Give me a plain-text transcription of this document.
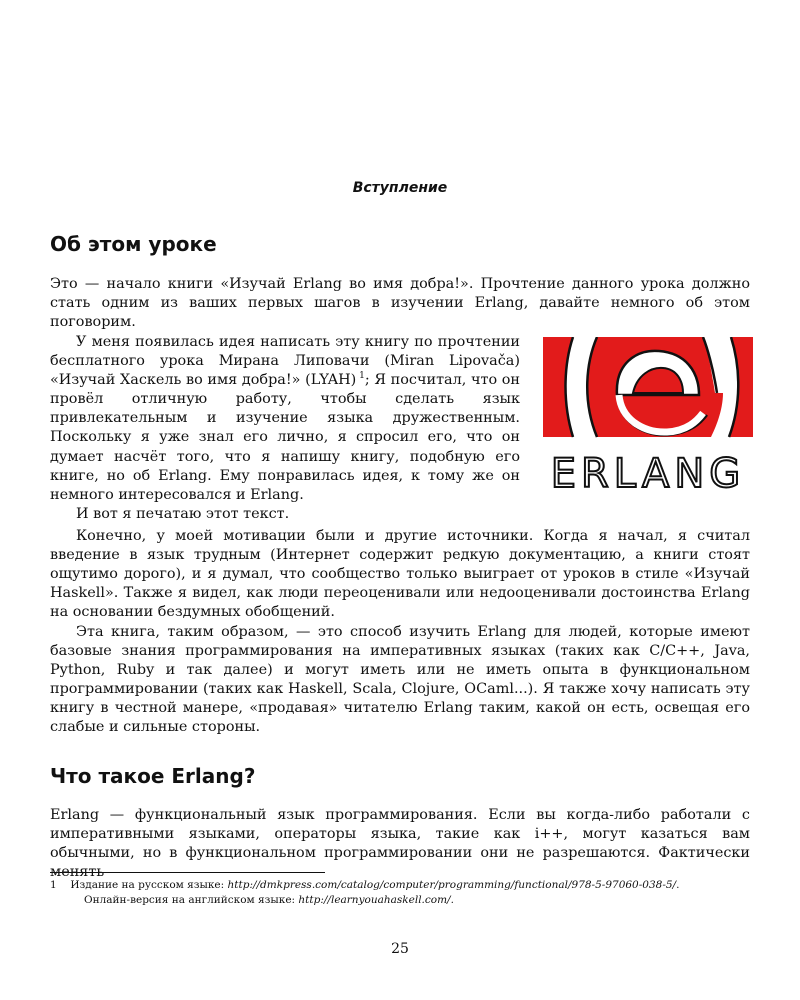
Вступление
Об этом уроке

Это — начало книги «Изучай Erlang во имя добра!». Прочтение данного урока должно стать одним из ваших первых шагов в изучении Erlang, давайте немного об этом поговорим.

У меня появилась идея написать эту книгу по прочтении бесплатного урока Мирана Липовачи (Miran Lipovača) «Изучай Хаскель во имя добра!» (LYAH)  $^1$; Я посчитал, что он провёл отличную работу, чтобы сделать язык привлекательным и изучение языка дружественным. Поскольку я уже знал его лично, я спросил его, что он думает насчёт того, что я напишу книгу, подобную его книге, но об Erlang. Ему понравилась идея, к тому же он немного интересовался и Erlang.	ERLANG

И вот я печатаю этот текст.

Конечно, у моей мотивации были и другие источники. Когда я начал, я считал введение в язык трудным (Интернет содержит редкую документацию, а книги стоят ощутимо дорого), и я думал, что сообщество только выиграет от уроков в стиле «Изучай Haskell». Также я видел, как люди переоценивали или недооценивали достоинства Erlang на основании бездумных обобщений.

Эта книга, таким образом, — это способ изучить Erlang для людей, которые имеют базовые знания программирования на императивных языках (таких как C/C++, Java, Python, Ruby и так далее) и могут иметь или не иметь опыта в функциональном программировании (таких как Haskell, Scala, Clojure, OCaml...). Я также хочу написать эту книгу в честной манере, «продавая» читателю Erlang таким, какой он есть, освещая его слабые и сильные стороны.

Что такое Erlang?

Erlang — функциональный язык программирования. Если вы когда-либо работали с императивными языками, операторы языка, такие как i++, могут казаться вам обычными, но в функциональном программировании они не разрешаются. Фактически менять

1 Издание на русском языке: http://dmkpress.com/catalog/computer/programming/functional/978-5-97060-038-5/.
Онлайн-версия на английском языке: http://learnyouahaskell.com/.
25
